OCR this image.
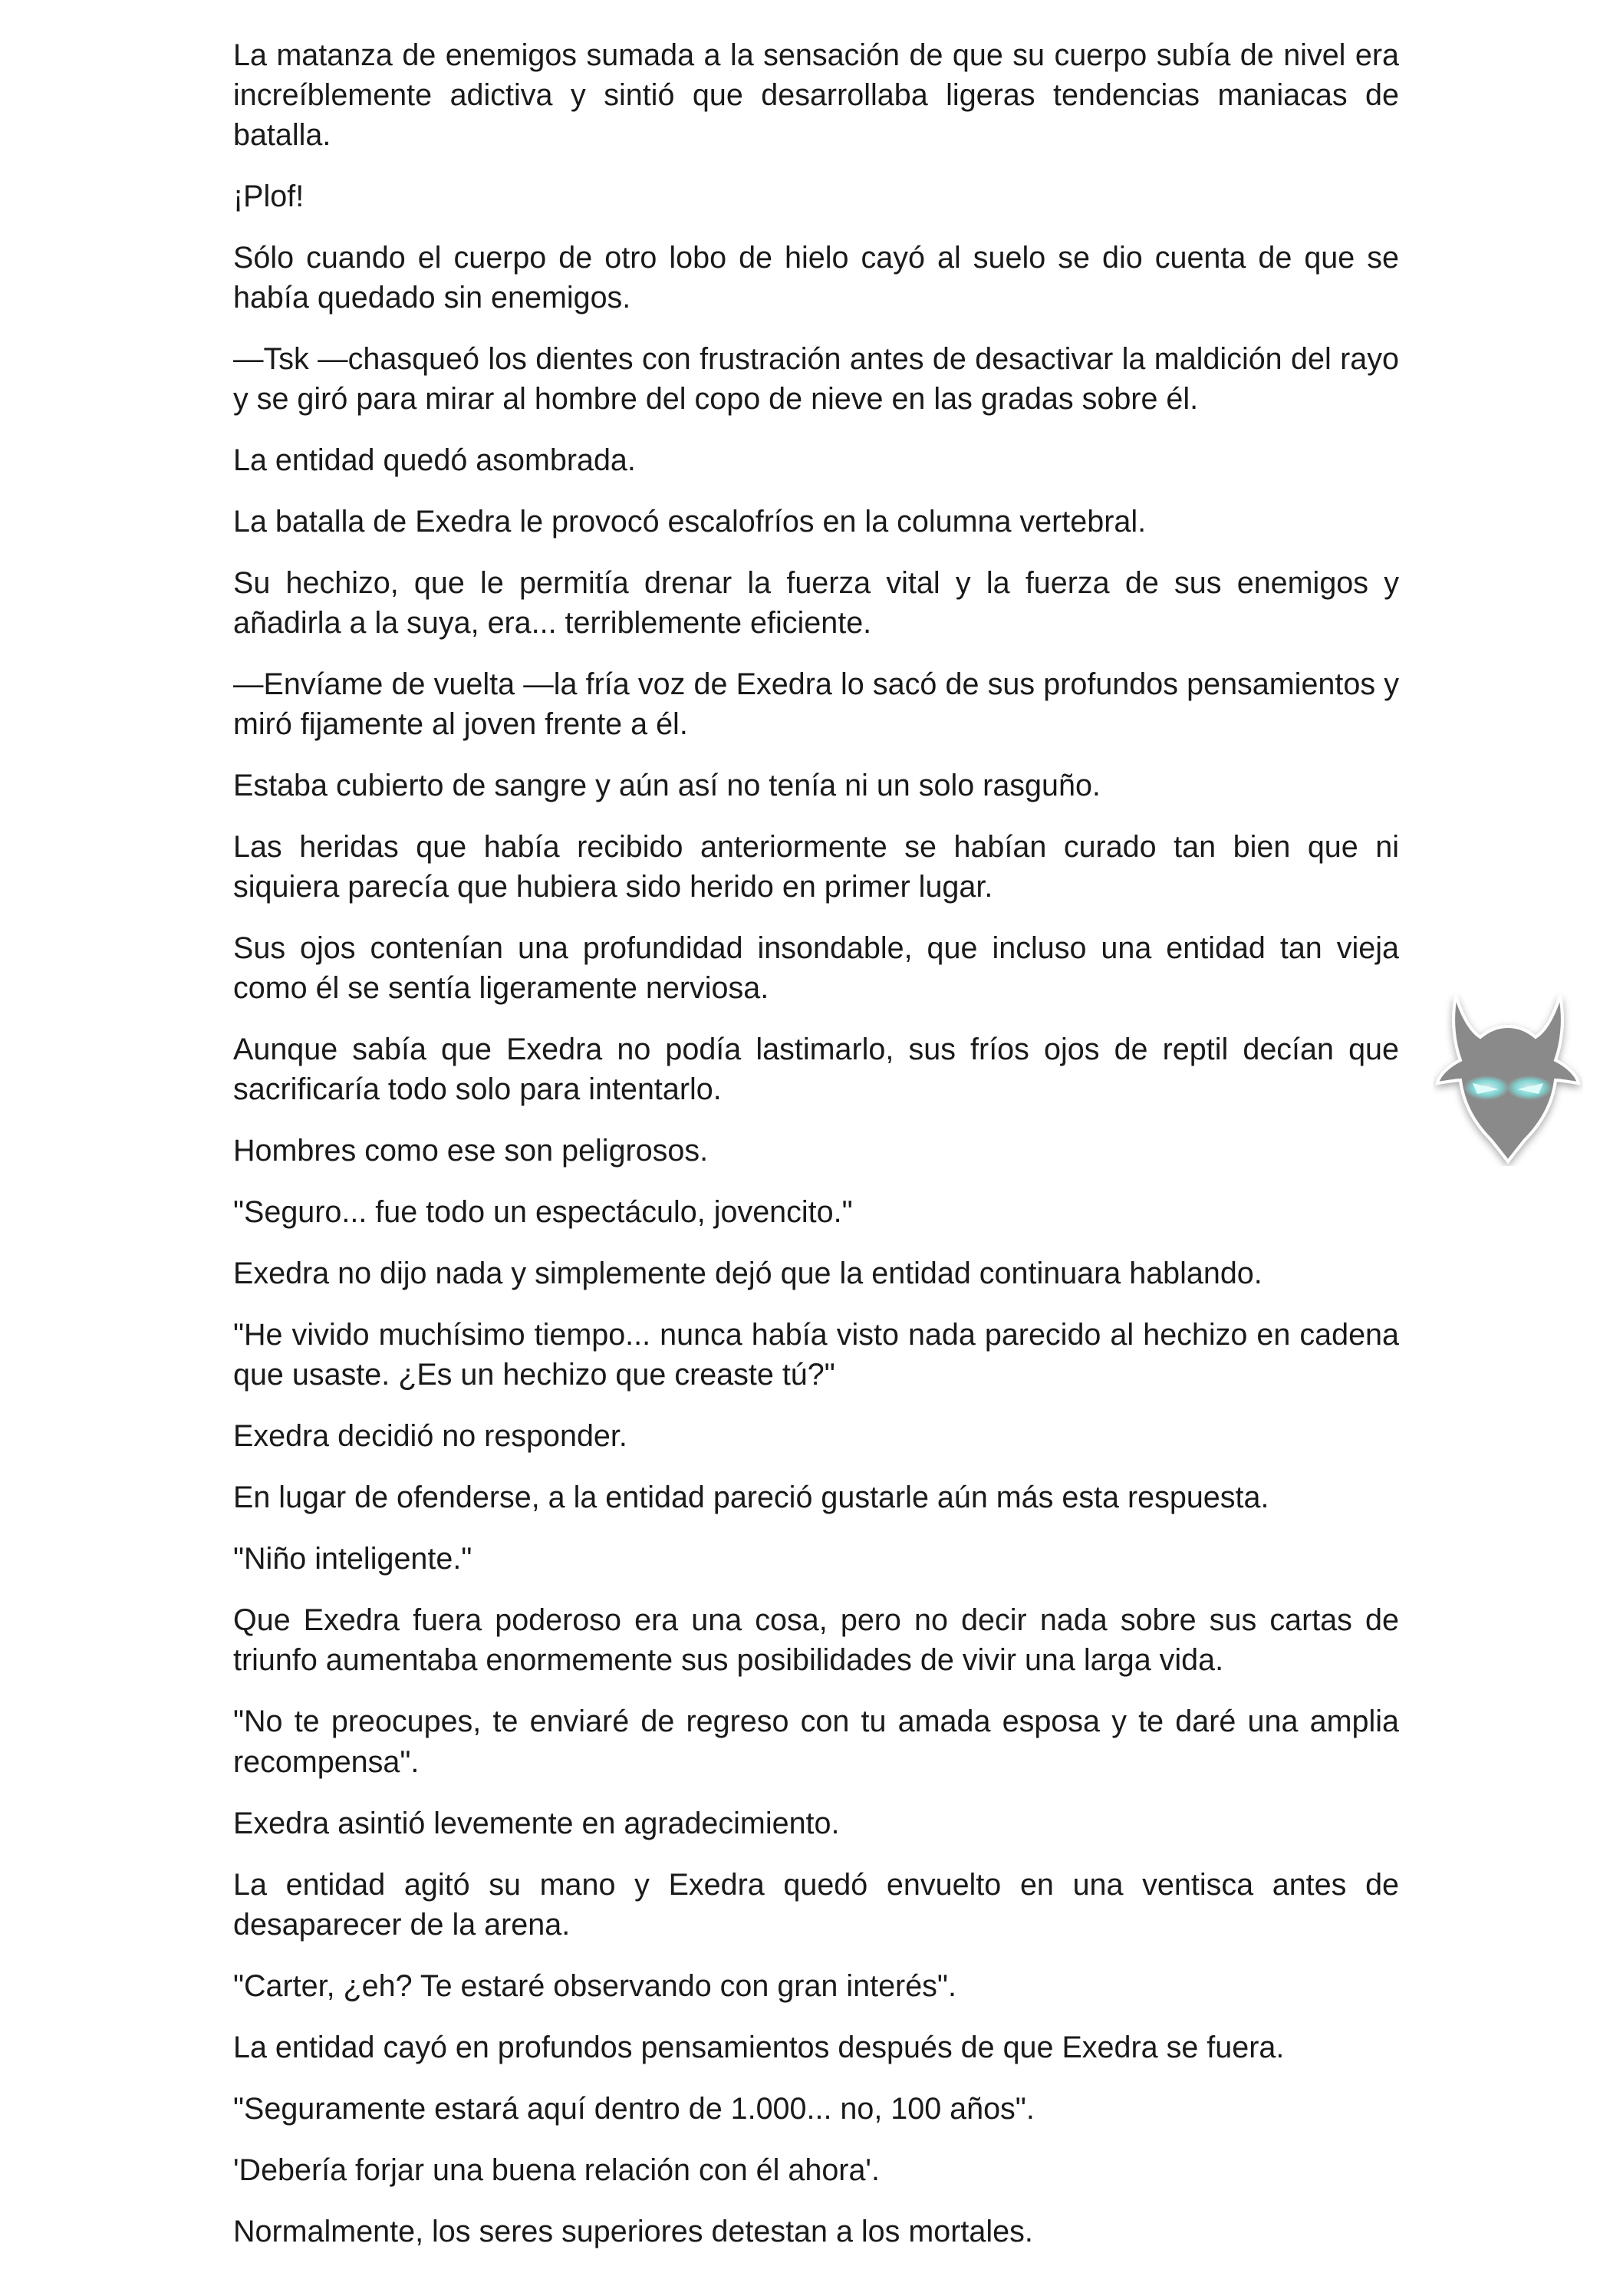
La matanza de enemigos sumada a la sensación de que su cuerpo subía de nivel era increíblemente adictiva y sintió que desarrollaba ligeras tendencias maniacas de batalla.

¡Plof!

Sólo cuando el cuerpo de otro lobo de hielo cayó al suelo se dio cuenta de que se había quedado sin enemigos.

—Tsk —chasqueó los dientes con frustración antes de desactivar la maldición del rayo y se giró para mirar al hombre del copo de nieve en las gradas sobre él.

La entidad quedó asombrada.

La batalla de Exedra le provocó escalofríos en la columna vertebral.

Su hechizo, que le permitía drenar la fuerza vital y la fuerza de sus enemigos y añadirla a la suya, era... terriblemente eficiente.

—Envíame de vuelta —la fría voz de Exedra lo sacó de sus profundos pensamientos y miró fijamente al joven frente a él.

Estaba cubierto de sangre y aún así no tenía ni un solo rasguño.

Las heridas que había recibido anteriormente se habían curado tan bien que ni siquiera parecía que hubiera sido herido en primer lugar.

Sus ojos contenían una profundidad insondable, que incluso una entidad tan vieja como él se sentía ligeramente nerviosa.

Aunque sabía que Exedra no podía lastimarlo, sus fríos ojos de reptil decían que sacrificaría todo solo para intentarlo.

Hombres como ese son peligrosos.

"Seguro... fue todo un espectáculo, jovencito."

Exedra no dijo nada y simplemente dejó que la entidad continuara hablando.

"He vivido muchísimo tiempo... nunca había visto nada parecido al hechizo en cadena que usaste. ¿Es un hechizo que creaste tú?"

Exedra decidió no responder.

En lugar de ofenderse, a la entidad pareció gustarle aún más esta respuesta.

"Niño inteligente."

Que Exedra fuera poderoso era una cosa, pero no decir nada sobre sus cartas de triunfo aumentaba enormemente sus posibilidades de vivir una larga vida.

"No te preocupes, te enviaré de regreso con tu amada esposa y te daré una amplia recompensa".

Exedra asintió levemente en agradecimiento.

La entidad agitó su mano y Exedra quedó envuelto en una ventisca antes de desaparecer de la arena.

"Carter, ¿eh? Te estaré observando con gran interés".

La entidad cayó en profundos pensamientos después de que Exedra se fuera.

"Seguramente estará aquí dentro de 1.000... no, 100 años".

'Debería forjar una buena relación con él ahora'.

Normalmente, los seres superiores detestan a los mortales.
